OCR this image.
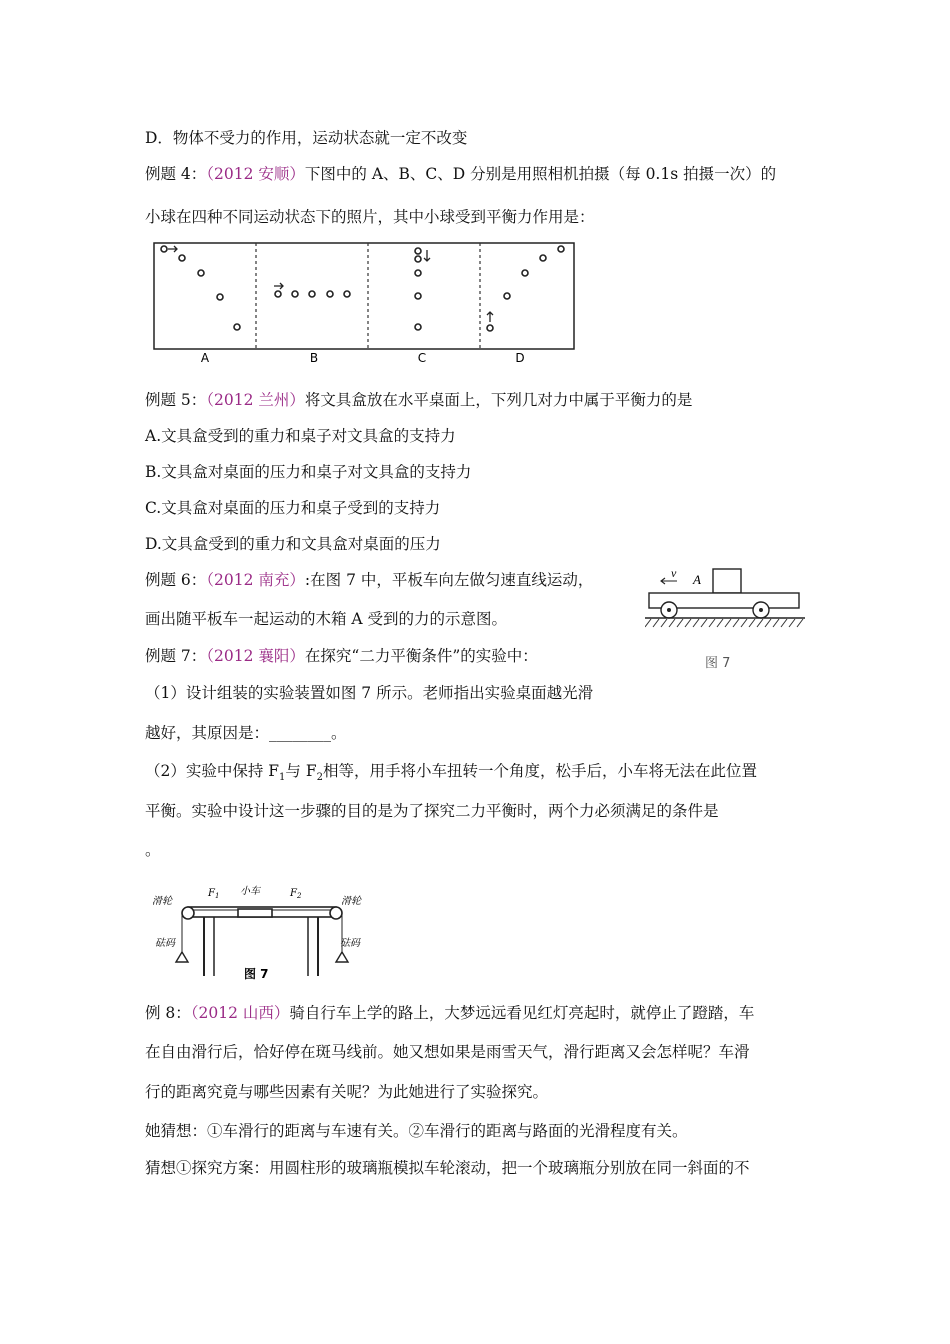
D．物体不受力的作用，运动状态就一定不改变
例题 4：（2012 安顺）下图中的 A、B、C、D 分别是用照相机拍摄（每 0.1s 拍摄一次）的
小球在四种不同运动状态下的照片，其中小球受到平衡力作用是：
A	B	C	D
例题 5：（2012 兰州）将文具盒放在水平桌面上，下列几对力中属于平衡力的是
A.文具盒受到的重力和桌子对文具盒的支持力
B.文具盒对桌面的压力和桌子对文具盒的支持力
C.文具盒对桌面的压力和桌子受到的支持力
D.文具盒受到的重力和文具盒对桌面的压力
例题 6：（2012 南充）:在图 7 中，平板车向左做匀速直线运动，
画出随平板车一起运动的木箱 A 受到的力的示意图。
v A
图 7
例题 7：（2012 襄阳）在探究“二力平衡条件”的实验中：
（1）设计组装的实验装置如图 7 所示。老师指出实验桌面越光滑
越好，其原因是：________。
（2）实验中保持 $F_1$与 $F_2$相等，用手将小车扭转一个角度，松手后，小车将无法在此位置
平衡。实验中设计这一步骤的目的是为了探究二力平衡时，两个力必须满足的条件是
。
滑轮	滑轮
$F_1$ 小车	$F_2$
砝码	砝码
图 7
例 8：（2012 山西）骑自行车上学的路上，大梦远远看见红灯亮起时，就停止了蹬踏，车
在自由滑行后，恰好停在斑马线前。她又想如果是雨雪天气，滑行距离又会怎样呢？车滑
行的距离究竟与哪些因素有关呢？为此她进行了实验探究。
她猜想：①车滑行的距离与车速有关。②车滑行的距离与路面的光滑程度有关。
猜想①探究方案：用圆柱形的玻璃瓶模拟车轮滚动，把一个玻璃瓶分别放在同一斜面的不
